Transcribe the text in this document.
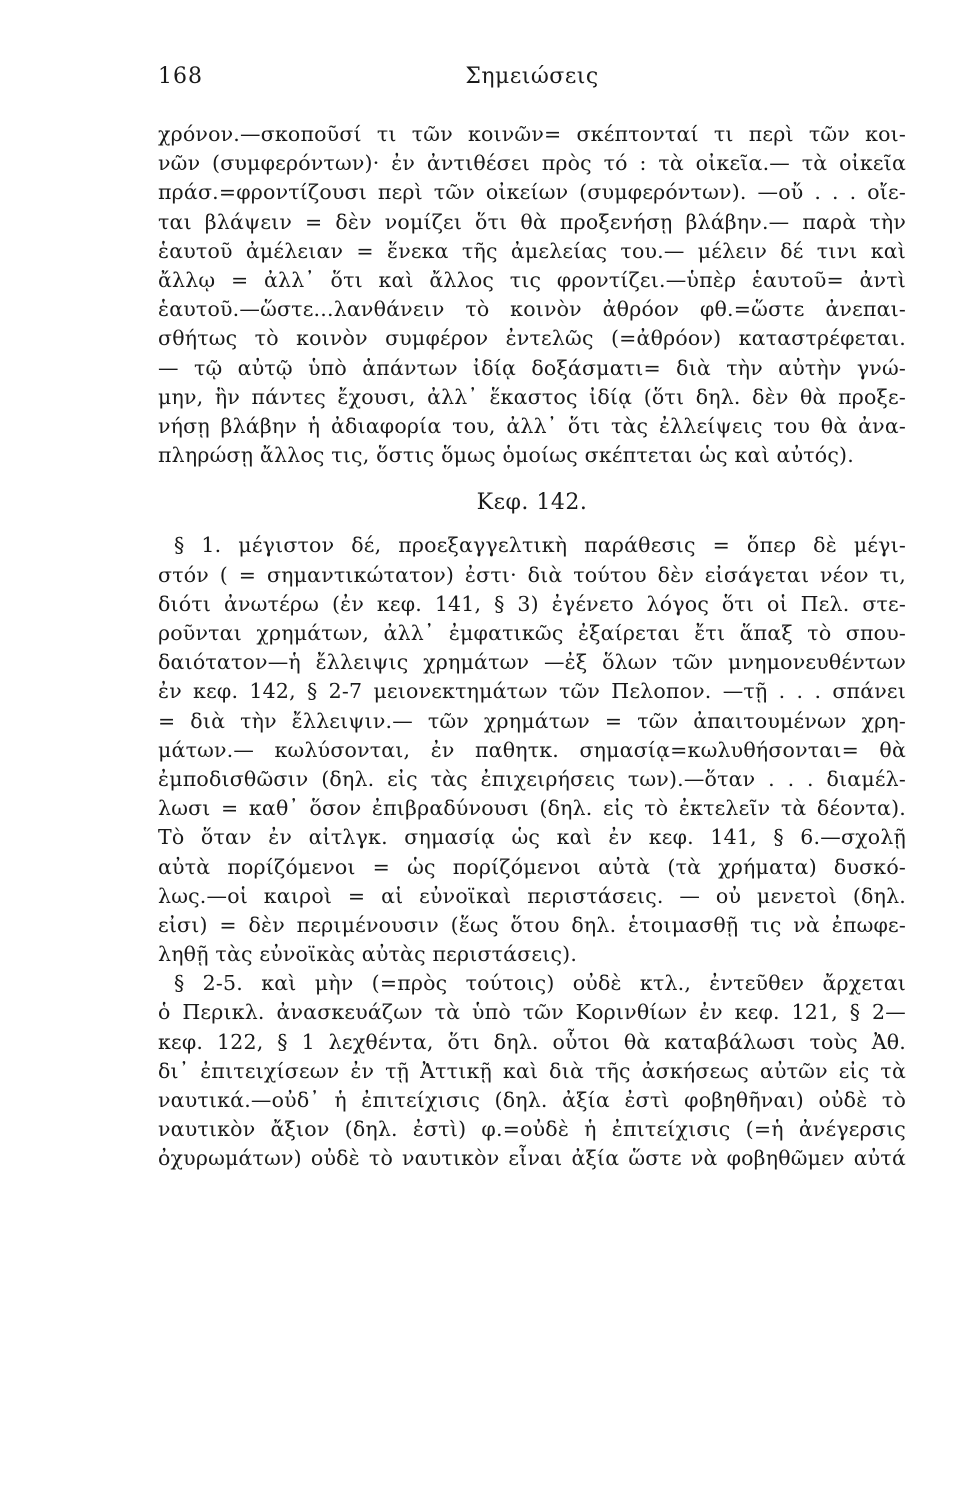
168	Σημειώσεις
χρόνον.—σκοποῦσί τι τῶν κοινῶν= σκέπτονταί τι περὶ τῶν κοι-
νῶν (συμφερόντων)· ἐν ἀντιθέσει πρὸς τό : τὰ οἰκεῖα.— τὰ οἰκεῖα
πράσ.=φροντίζουσι περὶ τῶν οἰκείων (συμφερόντων). —οὔ . . . οἴε-
ται βλάψειν = δὲν νομίζει ὅτι θὰ προξενήσῃ βλάβην.— παρὰ τὴν
ἑαυτοῦ ἀμέλειαν = ἕνεκα τῆς ἀμελείας του.— μέλειν δέ τινι καὶ
ἄλλῳ = ἀλλ᾽ ὅτι καὶ ἄλλος τις φροντίζει.—ὑπὲρ ἑαυτοῦ= ἀντὶ
ἑαυτοῦ.—ὥστε...λανθάνειν τὸ κοινὸν ἀθρόον φθ.=ὥστε ἀνεπαι-
σθήτως τὸ κοινὸν συμφέρον ἐντελῶς (=ἀθρόον) καταστρέφεται.
— τῷ αὐτῷ ὑπὸ ἁπάντων ἰδίᾳ δοξάσματι= διὰ τὴν αὐτὴν γνώ-
μην, ἣν πάντες ἔχουσι, ἀλλ᾽ ἕκαστος ἰδίᾳ (ὅτι δηλ. δὲν θὰ προξε-
νήσῃ βλάβην ἡ ἀδιαφορία του, ἀλλ᾽ ὅτι τὰς ἐλλείψεις του θὰ ἀνα-
πληρώσῃ ἄλλος τις, ὅστις ὅμως ὁμοίως σκέπτεται ὡς καὶ αὐτός).
Κεφ. 142.
§ 1. μέγιστον δέ, προεξαγγελτικὴ παράθεσις = ὅπερ δὲ μέγι-
στόν ( = σημαντικώτατον) ἐστι· διὰ τούτου δὲν εἰσάγεται νέον τι,
διότι ἀνωτέρω (ἐν κεφ. 141, § 3) ἐγένετο λόγος ὅτι οἱ Πελ. στε-
ροῦνται χρημάτων, ἀλλ᾽ ἐμφατικῶς ἐξαίρεται ἔτι ἅπαξ τὸ σπου-
δαιότατον—ἡ ἔλλειψις χρημάτων —ἐξ ὅλων τῶν μνημονευθέντων
ἐν κεφ. 142, § 2-7 μειονεκτημάτων τῶν Πελοπον. —τῇ . . . σπάνει
= διὰ τὴν ἔλλειψιν.— τῶν χρημάτων = τῶν ἀπαιτουμένων χρη-
μάτων.— κωλύσονται, ἐν παθητκ. σημασίᾳ=κωλυθήσονται= θὰ
ἐμποδισθῶσιν (δηλ. εἰς τὰς ἐπιχειρήσεις των).—ὅταν . . . διαμέλ-
λωσι = καθ᾽ ὅσον ἐπιβραδύνουσι (δηλ. εἰς τὸ ἐκτελεῖν τὰ δέοντα).
Τὸ ὅταν ἐν αἰτλγκ. σημασίᾳ ὡς καὶ ἐν κεφ. 141, § 6.—σχολῇ
αὐτὰ πορίζόμενοι = ὡς πορίζόμενοι αὐτὰ (τὰ χρήματα) δυσκό-
λως.—οἱ καιροὶ = αἱ εὐνοϊκαὶ περιστάσεις. — οὐ μενετοὶ (δηλ.
εἰσι) = δὲν περιμένουσιν (ἕως ὅτου δηλ. ἑτοιμασθῇ τις νὰ ἐπωφε-
ληθῇ τὰς εὐνοϊκὰς αὐτὰς περιστάσεις).
§ 2-5. καὶ μὴν (=πρὸς τούτοις) οὐδὲ κτλ., ἐντεῦθεν ἄρχεται
ὁ Περικλ. ἀνασκευάζων τὰ ὑπὸ τῶν Κορινθίων ἐν κεφ. 121, § 2—
κεφ. 122, § 1 λεχθέντα, ὅτι δηλ. οὗτοι θὰ καταβάλωσι τοὺς Ἀθ.
δι᾽ ἐπιτειχίσεων ἐν τῇ Ἀττικῇ καὶ διὰ τῆς ἀσκήσεως αὐτῶν εἰς τὰ
ναυτικά.—οὐδ᾽ ἡ ἐπιτείχισις (δηλ. ἀξία ἐστὶ φοβηθῆναι) οὐδὲ τὸ
ναυτικὸν ἄξιον (δηλ. ἐστὶ) φ.=οὐδὲ ἡ ἐπιτείχισις (=ἡ ἀνέγερσις
ὀχυρωμάτων) οὐδὲ τὸ ναυτικὸν εἶναι ἀξία ὥστε νὰ φοβηθῶμεν αὐτά
